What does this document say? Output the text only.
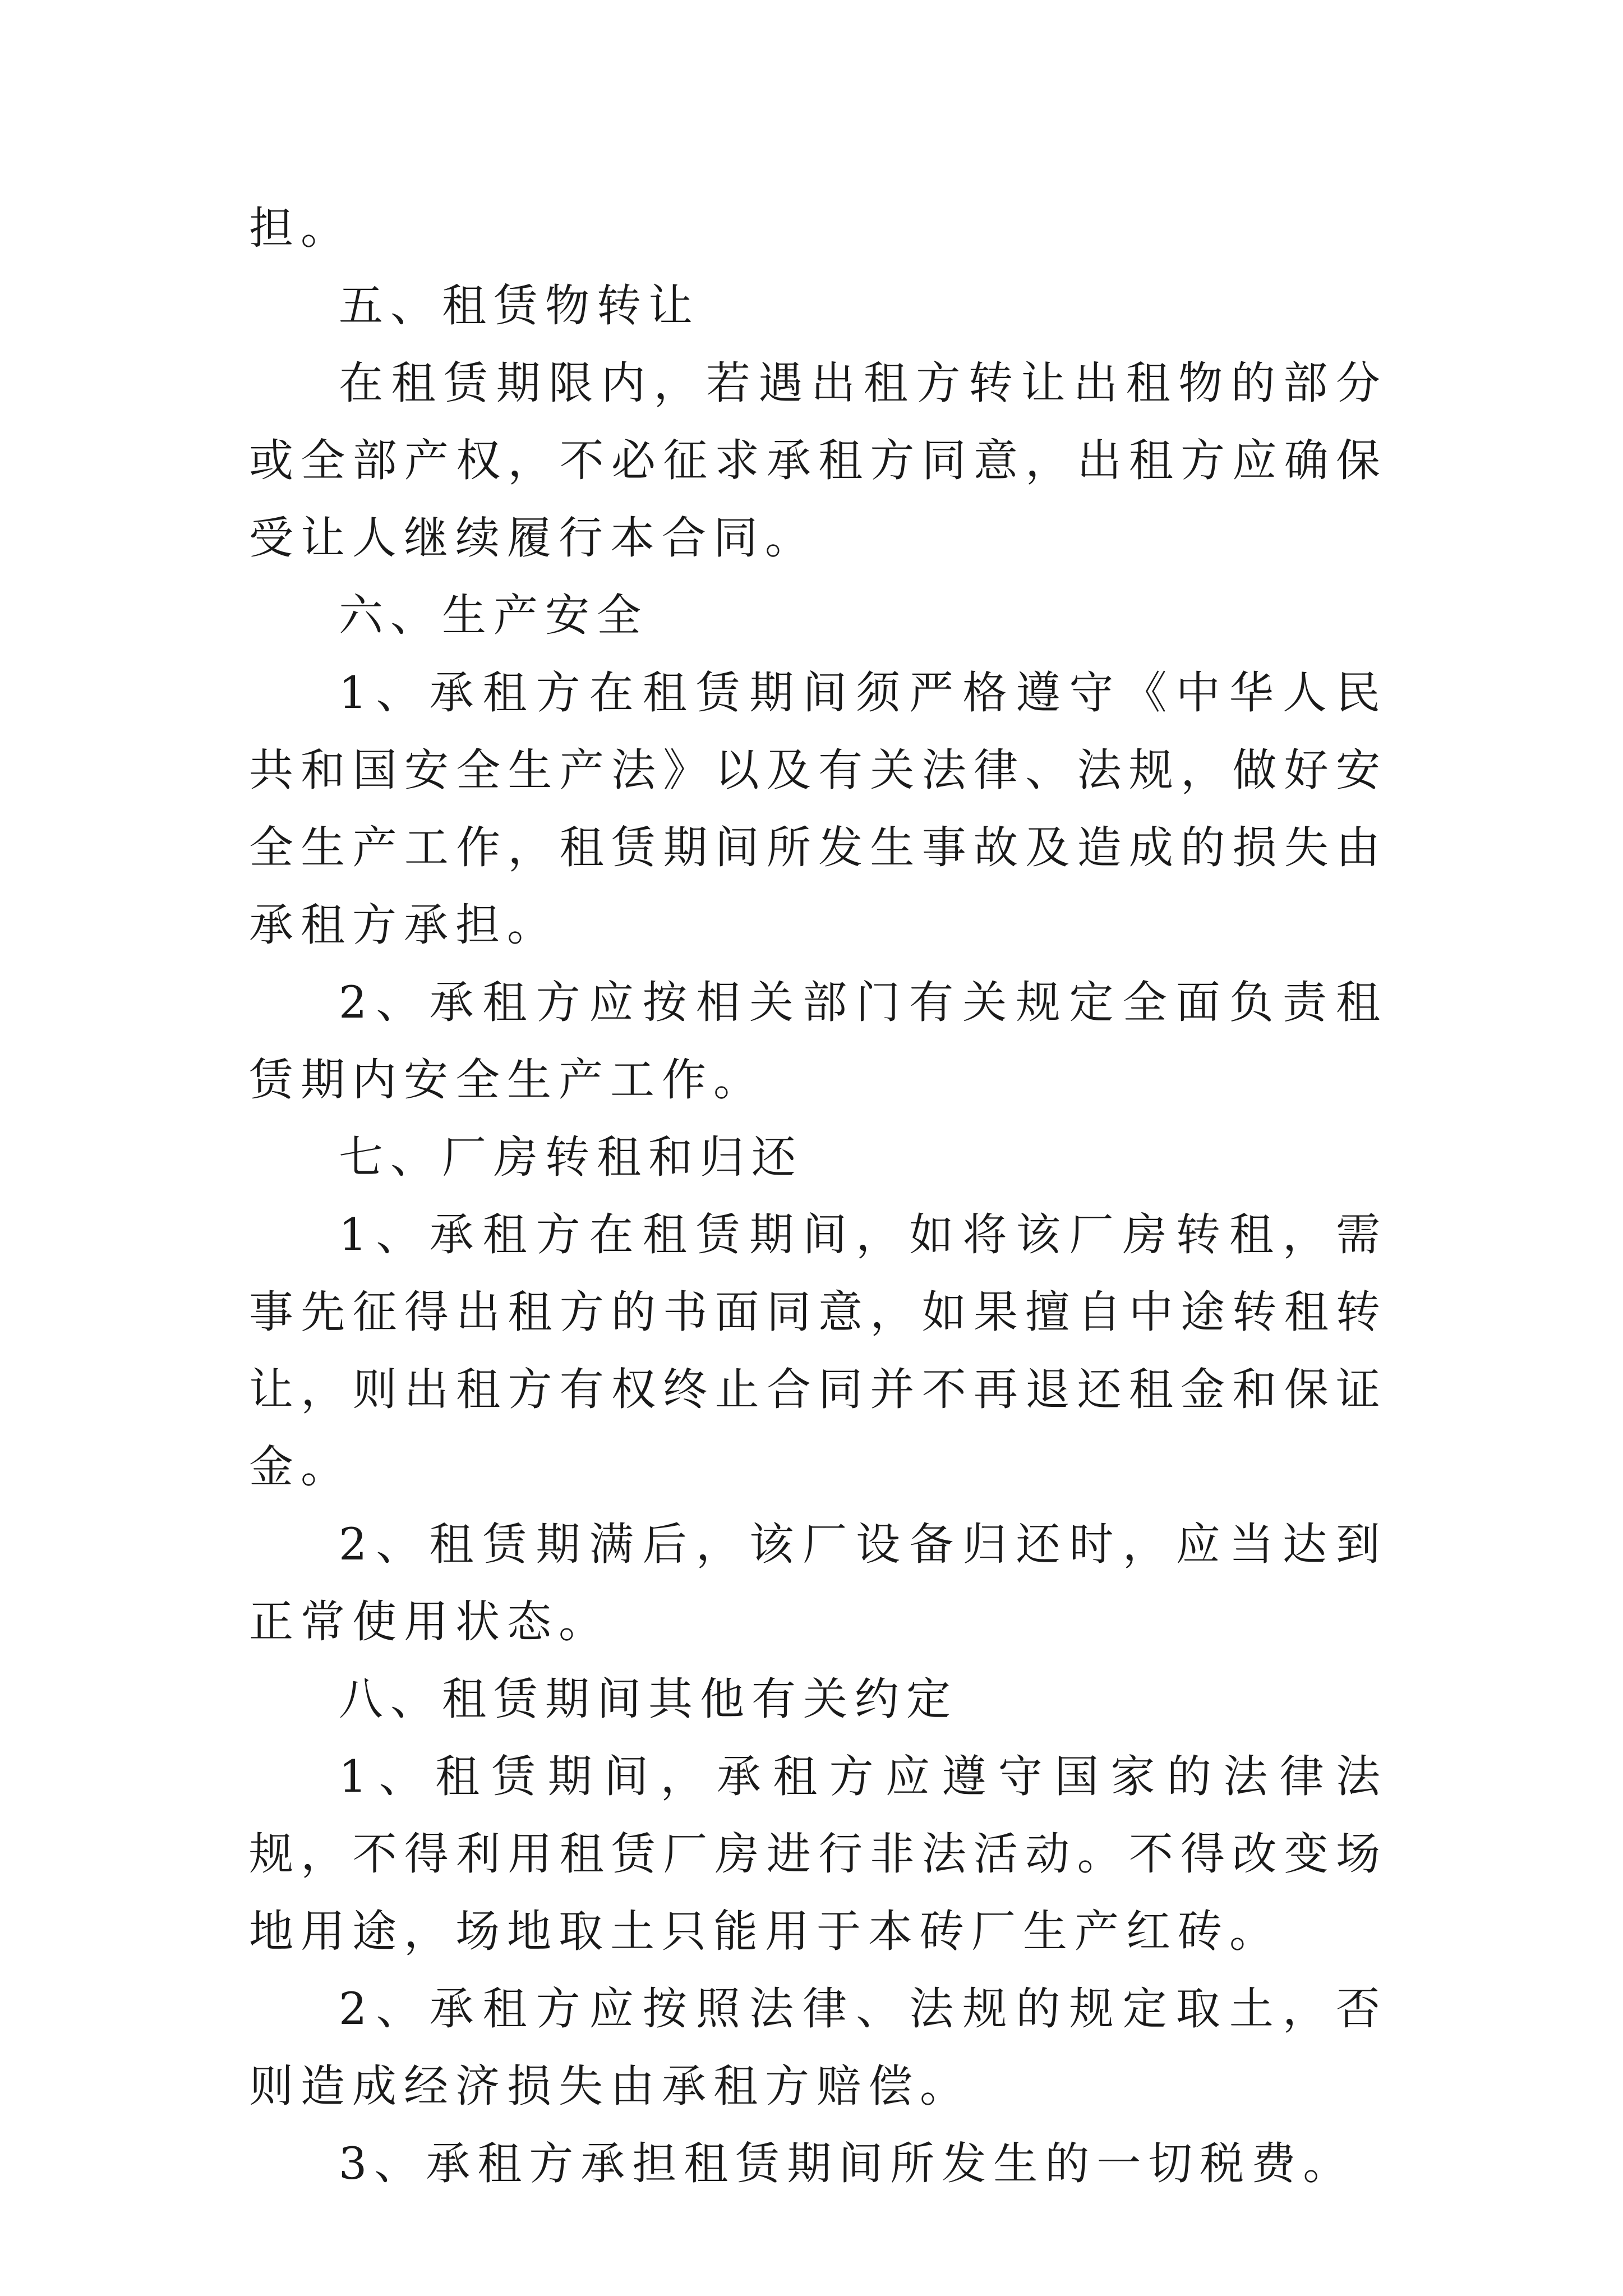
担。

五、租赁物转让

在租赁期限内，若遇出租方转让出租物的部分或全部产权，不必征求承租方同意，出租方应确保受让人继续履行本合同。

六、生产安全

1、承租方在租赁期间须严格遵守《中华人民共和国安全生产法》以及有关法律、法规，做好安全生产工作，租赁期间所发生事故及造成的损失由承租方承担。

2、承租方应按相关部门有关规定全面负责租赁期内安全生产工作。

七、厂房转租和归还

1、承租方在租赁期间，如将该厂房转租，需事先征得出租方的书面同意，如果擅自中途转租转让，则出租方有权终止合同并不再退还租金和保证金。

2、租赁期满后，该厂设备归还时，应当达到正常使用状态。

八、租赁期间其他有关约定

1、租赁期间，承租方应遵守国家的法律法规，不得利用租赁厂房进行非法活动。不得改变场地用途，场地取土只能用于本砖厂生产红砖。

2、承租方应按照法律、法规的规定取土，否则造成经济损失由承租方赔偿。

3、承租方承担租赁期间所发生的一切税费。
